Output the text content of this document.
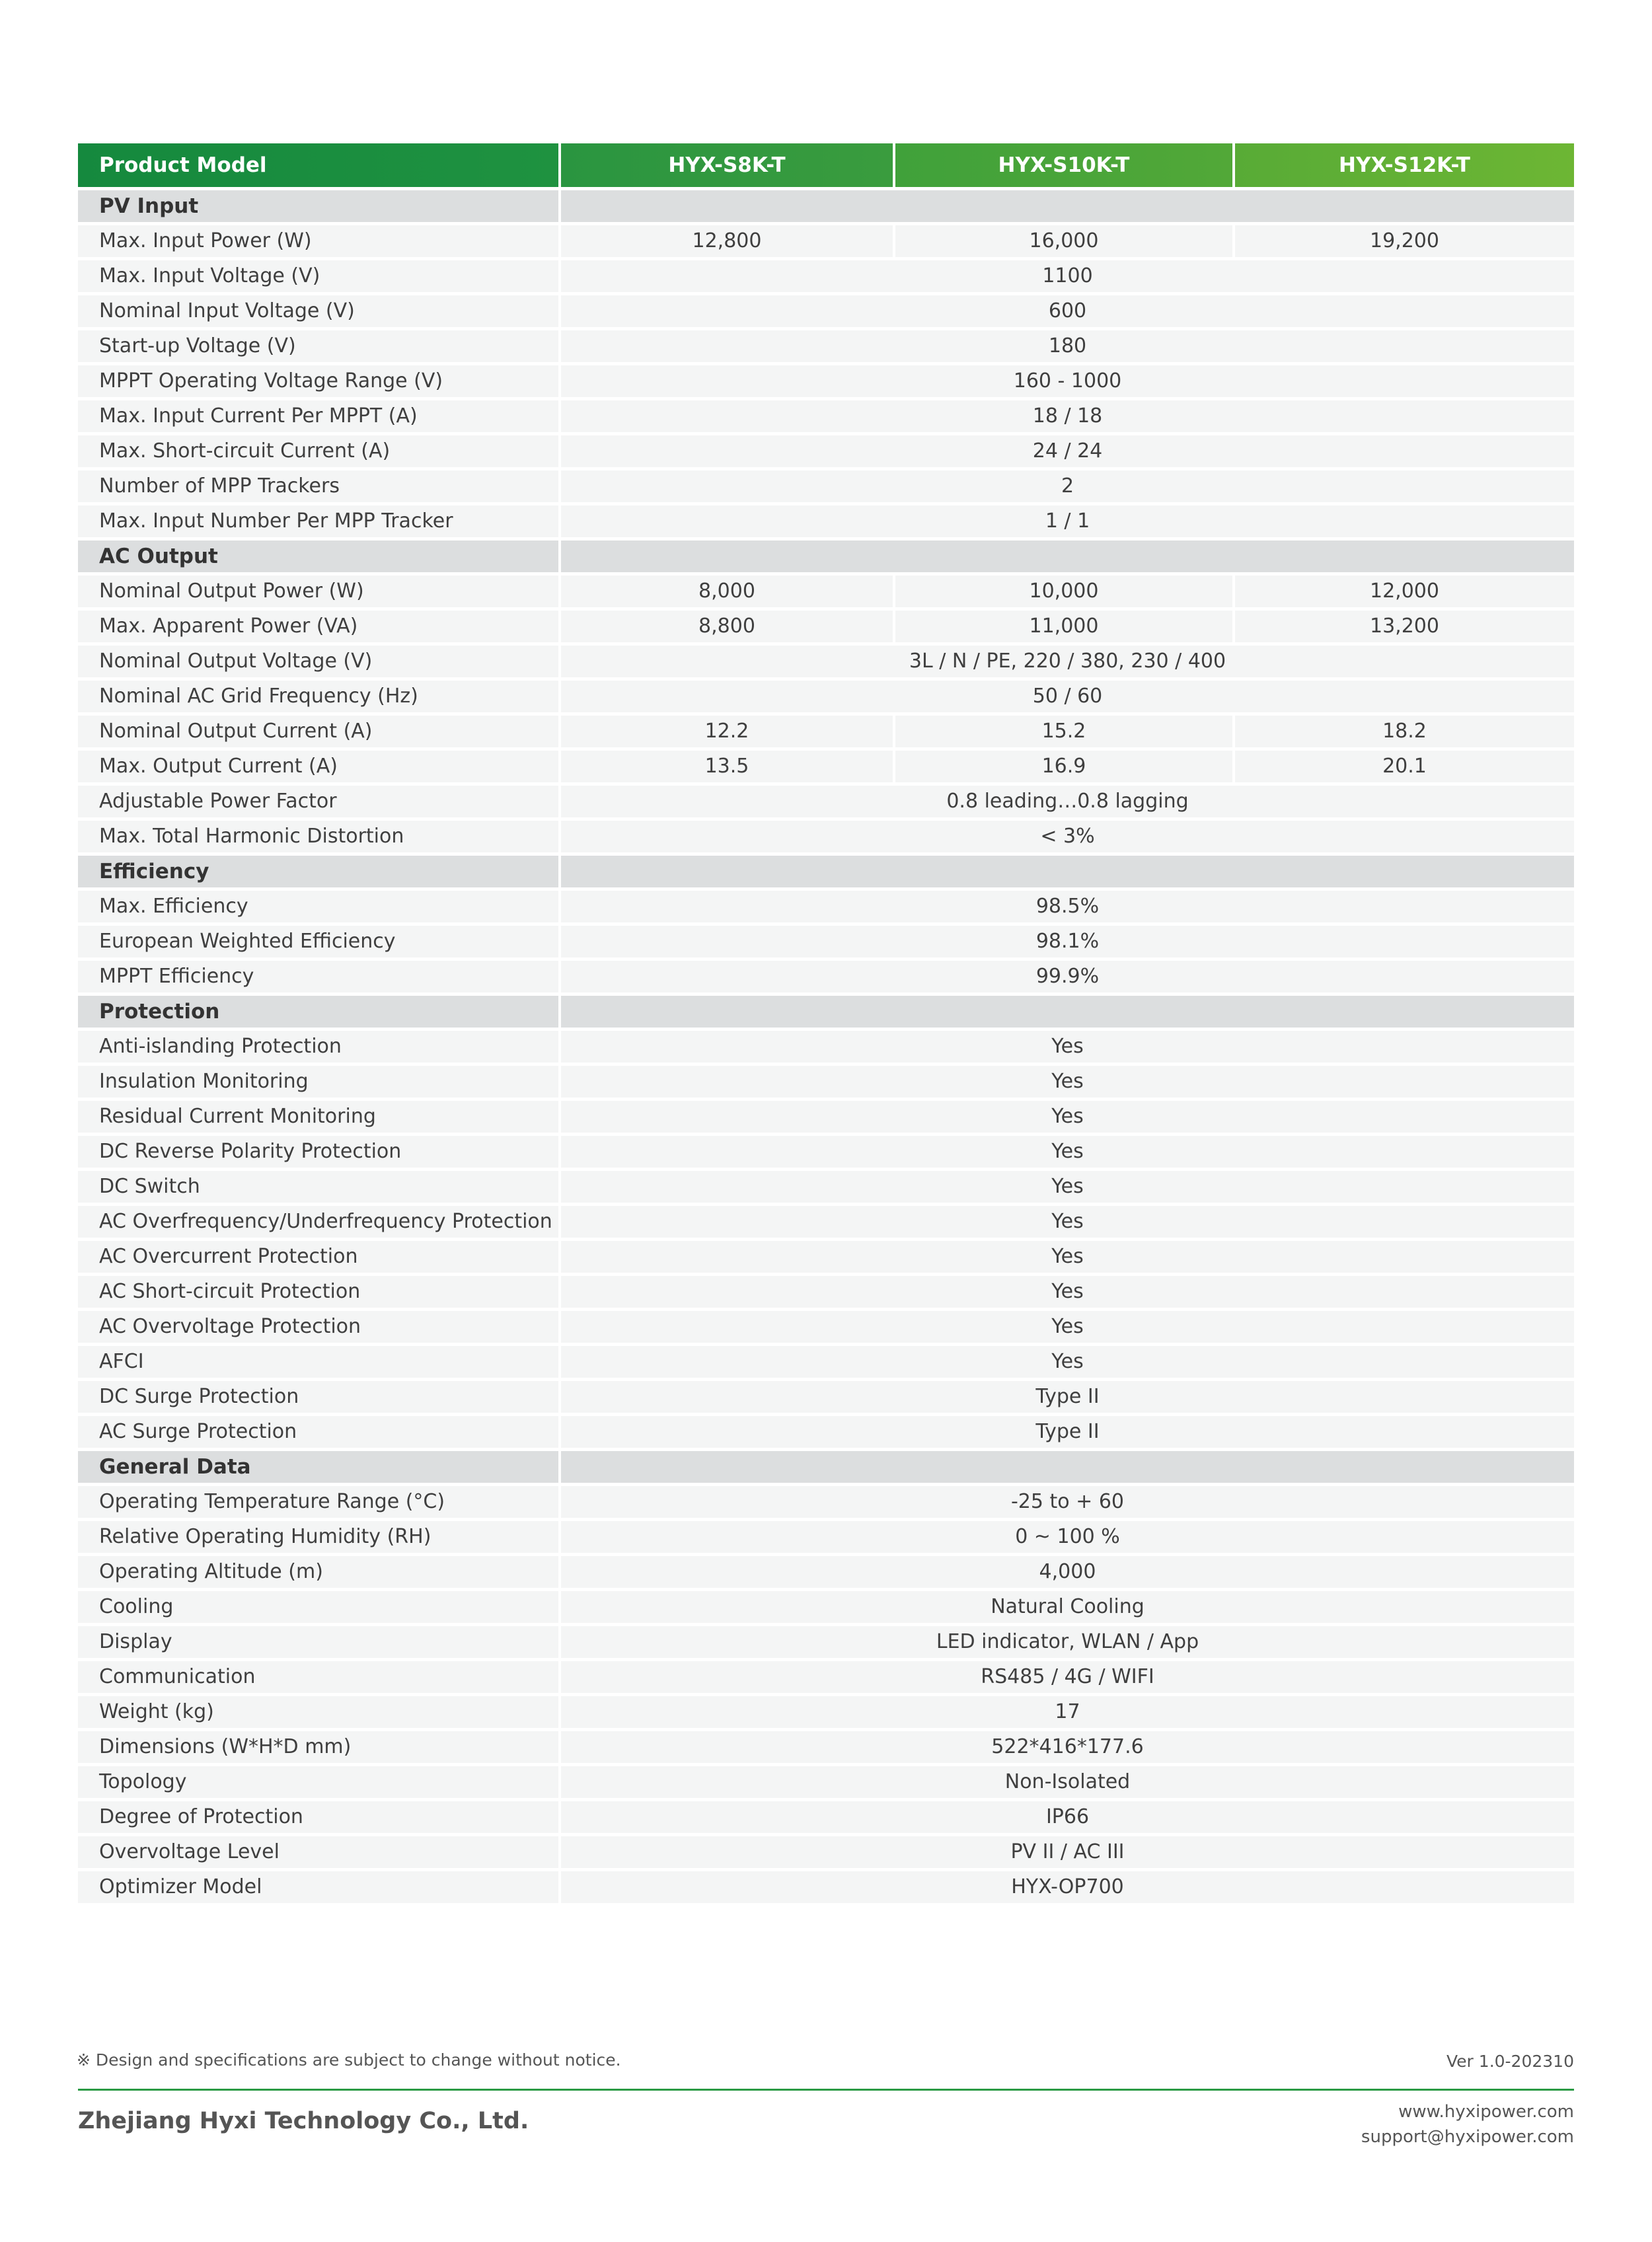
Product Model	HYX-S8K-T	HYX-S10K-T	HYX-S12K-T
PV Input			
Max. Input Power (W)	12,800	16,000	19,200
Max. Input Voltage (V)	1100		
Nominal Input Voltage (V)	600		
Start-up Voltage (V)	180		
MPPT Operating Voltage Range (V)	160 - 1000		
Max. Input Current Per MPPT (A)	18 / 18		
Max. Short-circuit Current (A)	24 / 24		
Number of MPP Trackers	2		
Max. Input Number Per MPP Tracker	1 / 1		
AC Output			
Nominal Output Power (W)	8,000	10,000	12,000
Max. Apparent Power (VA)	8,800	11,000	13,200
Nominal Output Voltage (V)	3L / N / PE, 220 / 380, 230 / 400		
Nominal AC Grid Frequency (Hz)	50 / 60		
Nominal Output Current (A)	12.2	15.2	18.2
Max. Output Current (A)	13.5	16.9	20.1
Adjustable Power Factor	0.8 leading…0.8 lagging		
Max. Total Harmonic Distortion	< 3%		
Efficiency			
Max. Efficiency	98.5%		
European Weighted Efficiency	98.1%		
MPPT Efficiency	99.9%		
Protection			
Anti-islanding Protection	Yes		
Insulation Monitoring	Yes		
Residual Current Monitoring	Yes		
DC Reverse Polarity Protection	Yes		
DC Switch	Yes		
AC Overfrequency/Underfrequency Protection	Yes		
AC Overcurrent Protection	Yes		
AC Short-circuit Protection	Yes		
AC Overvoltage Protection	Yes		
AFCI	Yes		
DC Surge Protection	Type II		
AC Surge Protection	Type II		
General Data			
Operating Temperature Range (°C)	-25 to + 60		
Relative Operating Humidity (RH)	0 ~ 100 %		
Operating Altitude (m)	4,000		
Cooling	Natural Cooling		
Display	LED indicator, WLAN / App		
Communication	RS485 / 4G / WIFI		
Weight (kg)	17		
Dimensions (W*H*D mm)	522*416*177.6		
Topology	Non-Isolated		
Degree of Protection	IP66		
Overvoltage Level	PV II / AC III		
Optimizer Model	HYX-OP700		
※ Design and specifications are subject to change without notice.	Ver 1.0-202310
Zhejiang Hyxi Technology Co., Ltd.	www.hyxipower.com
support@hyxipower.com
